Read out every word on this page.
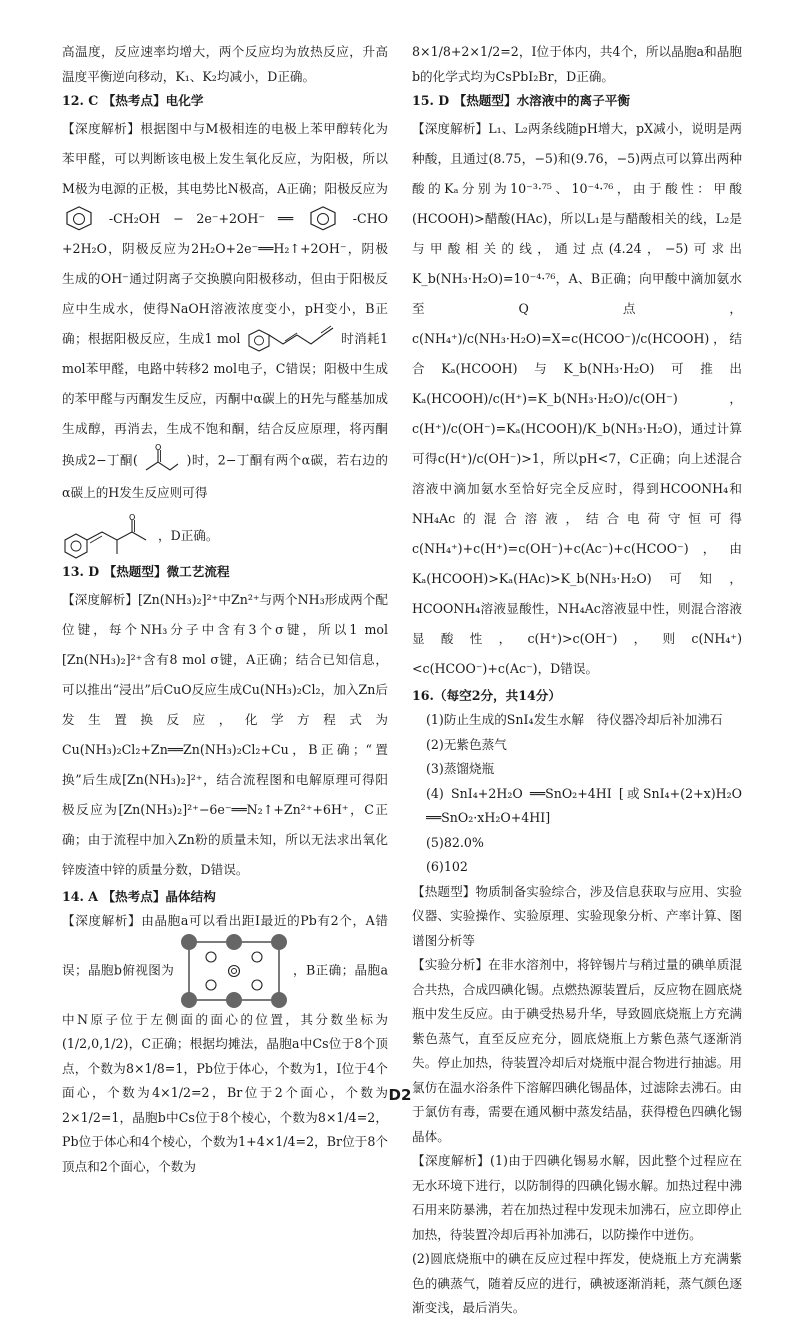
高温度，反应速率均增大，两个反应均为放热反应，升高温度平衡逆向移动，K₁、K₂均减小，D正确。

12. C 【热考点】电化学

【深度解析】根据图中与M极相连的电极上苯甲醇转化为苯甲醛，可以判断该电极上发生氧化反应，为阳极，所以M极为电源的正极，其电势比N极高，A正确；阳极反应为  -CH₂OH − 2e⁻+2OH⁻ ══	-CHO +2H₂O，阴极反应为2H₂O+2e⁻══H₂↑+2OH⁻，阴极生成的OH⁻通过阴离子交换膜向阳极移动，但由于阳极反应中生成水，使得NaOH溶液浓度变小，pH变小，B正确；根据阳极反应，生成1 mol	时消耗1 mol苯甲醛，电路中转移2 mol电子，C错误；阳极中生成的苯甲醛与丙酮发生反应，丙酮中α碳上的H先与醛基加成生成醇，再消去，生成不饱和酮，结合反应原理，将丙酮换成2−丁酮(
O
)时，2−丁酮有两个α碳，若右边的α碳上的H发生反应则可得

O
，D正确。

13. D 【热题型】微工艺流程

【深度解析】[Zn(NH₃)₂]²⁺中Zn²⁺与两个NH₃形成两个配位键，每个NH₃分子中含有3个σ键，所以1 mol [Zn(NH₃)₂]²⁺含有8 mol σ键，A正确；结合已知信息，可以推出“浸出”后CuO反应生成Cu(NH₃)₂Cl₂，加入Zn后发生置换反应，化学方程式为Cu(NH₃)₂Cl₂+Zn══Zn(NH₃)₂Cl₂+Cu，B正确；“置换”后生成[Zn(NH₃)₂]²⁺，结合流程图和电解原理可得阳极反应为[Zn(NH₃)₂]²⁺−6e⁻══N₂↑+Zn²⁺+6H⁺，C正确；由于流程中加入Zn粉的质量未知，所以无法求出氧化锌废渣中锌的质量分数，D错误。

14. A 【热考点】晶体结构

【深度解析】由晶胞a可以看出距I最近的Pb有2个，A错误；晶胞b俯视图为	，B正确；晶胞a中N原子位于左侧面的面心的位置，其分数坐标为(1/2,0,1/2)，C正确；根据均摊法，晶胞a中Cs位于8个顶点，个数为8×1/8=1，Pb位于体心，个数为1，I位于4个面心，个数为4×1/2=2，Br位于2个面心，个数为2×1/2=1，晶胞b中Cs位于8个棱心，个数为8×1/4=2，Pb位于体心和4个棱心，个数为1+4×1/4=2，Br位于8个顶点和2个面心，个数为

8×1/8+2×1/2=2，I位于体内，共4个，所以晶胞a和晶胞b的化学式均为CsPbI₂Br，D正确。

15. D 【热题型】水溶液中的离子平衡

【深度解析】L₁、L₂两条线随pH增大，pX减小，说明是两种酸，且通过(8.75，−5)和(9.76，−5)两点可以算出两种酸的Kₐ分别为10⁻³·⁷⁵、10⁻⁴·⁷⁶，由于酸性：甲酸(HCOOH)>醋酸(HAc)，所以L₁是与醋酸相关的线，L₂是与甲酸相关的线，通过点(4.24，−5)可求出K_b(NH₃·H₂O)=10⁻⁴·⁷⁶，A、B正确；向甲酸中滴加氨水至Q点，c(NH₄⁺)/c(NH₃·H₂O)=X=c(HCOO⁻)/c(HCOOH)，结合Kₐ(HCOOH)与K_b(NH₃·H₂O)可推出Kₐ(HCOOH)/c(H⁺)=K_b(NH₃·H₂O)/c(OH⁻)，c(H⁺)/c(OH⁻)=Kₐ(HCOOH)/K_b(NH₃·H₂O)，通过计算可得c(H⁺)/c(OH⁻)>1，所以pH<7，C正确；向上述混合溶液中滴加氨水至恰好完全反应时，得到HCOONH₄和NH₄Ac的混合溶液，结合电荷守恒可得c(NH₄⁺)+c(H⁺)=c(OH⁻)+c(Ac⁻)+c(HCOO⁻)，由Kₐ(HCOOH)>Kₐ(HAc)>K_b(NH₃·H₂O)可知，HCOONH₄溶液显酸性，NH₄Ac溶液显中性，则混合溶液显酸性，c(H⁺)>c(OH⁻)，则c(NH₄⁺)<c(HCOO⁻)+c(Ac⁻)，D错误。

16.（每空2分，共14分）

(1)防止生成的SnI₄发生水解　待仪器冷却后补加沸石

(2)无紫色蒸气

(3)蒸馏烧瓶

(4) SnI₄+2H₂O ══SnO₂+4HI [或SnI₄+(2+x)H₂O ══SnO₂·xH₂O+4HI]

(5)82.0%

(6)102

【热题型】物质制备实验综合，涉及信息获取与应用、实验仪器、实验操作、实验原理、实验现象分析、产率计算、图谱图分析等

【实验分析】在非水溶剂中，将锌锡片与稍过量的碘单质混合共热，合成四碘化锡。点燃热源装置后，反应物在圆底烧瓶中发生反应。由于碘受热易升华，导致圆底烧瓶上方充满紫色蒸气，直至反应充分，圆底烧瓶上方紫色蒸气逐渐消失。停止加热，待装置冷却后对烧瓶中混合物进行抽滤。用氯仿在温水浴条件下溶解四碘化锡晶体，过滤除去沸石。由于氯仿有毒，需要在通风橱中蒸发结晶，获得橙色四碘化锡晶体。

【深度解析】(1)由于四碘化锡易水解，因此整个过程应在无水环境下进行，以防制得的四碘化锡水解。加热过程中沸石用来防暴沸，若在加热过程中发现未加沸石，应立即停止加热，待装置冷却后再补加沸石，以防操作中迸伤。

(2)圆底烧瓶中的碘在反应过程中挥发，使烧瓶上方充满紫色的碘蒸气，随着反应的进行，碘被逐渐消耗，蒸气颜色逐渐变浅，最后消失。

D2
